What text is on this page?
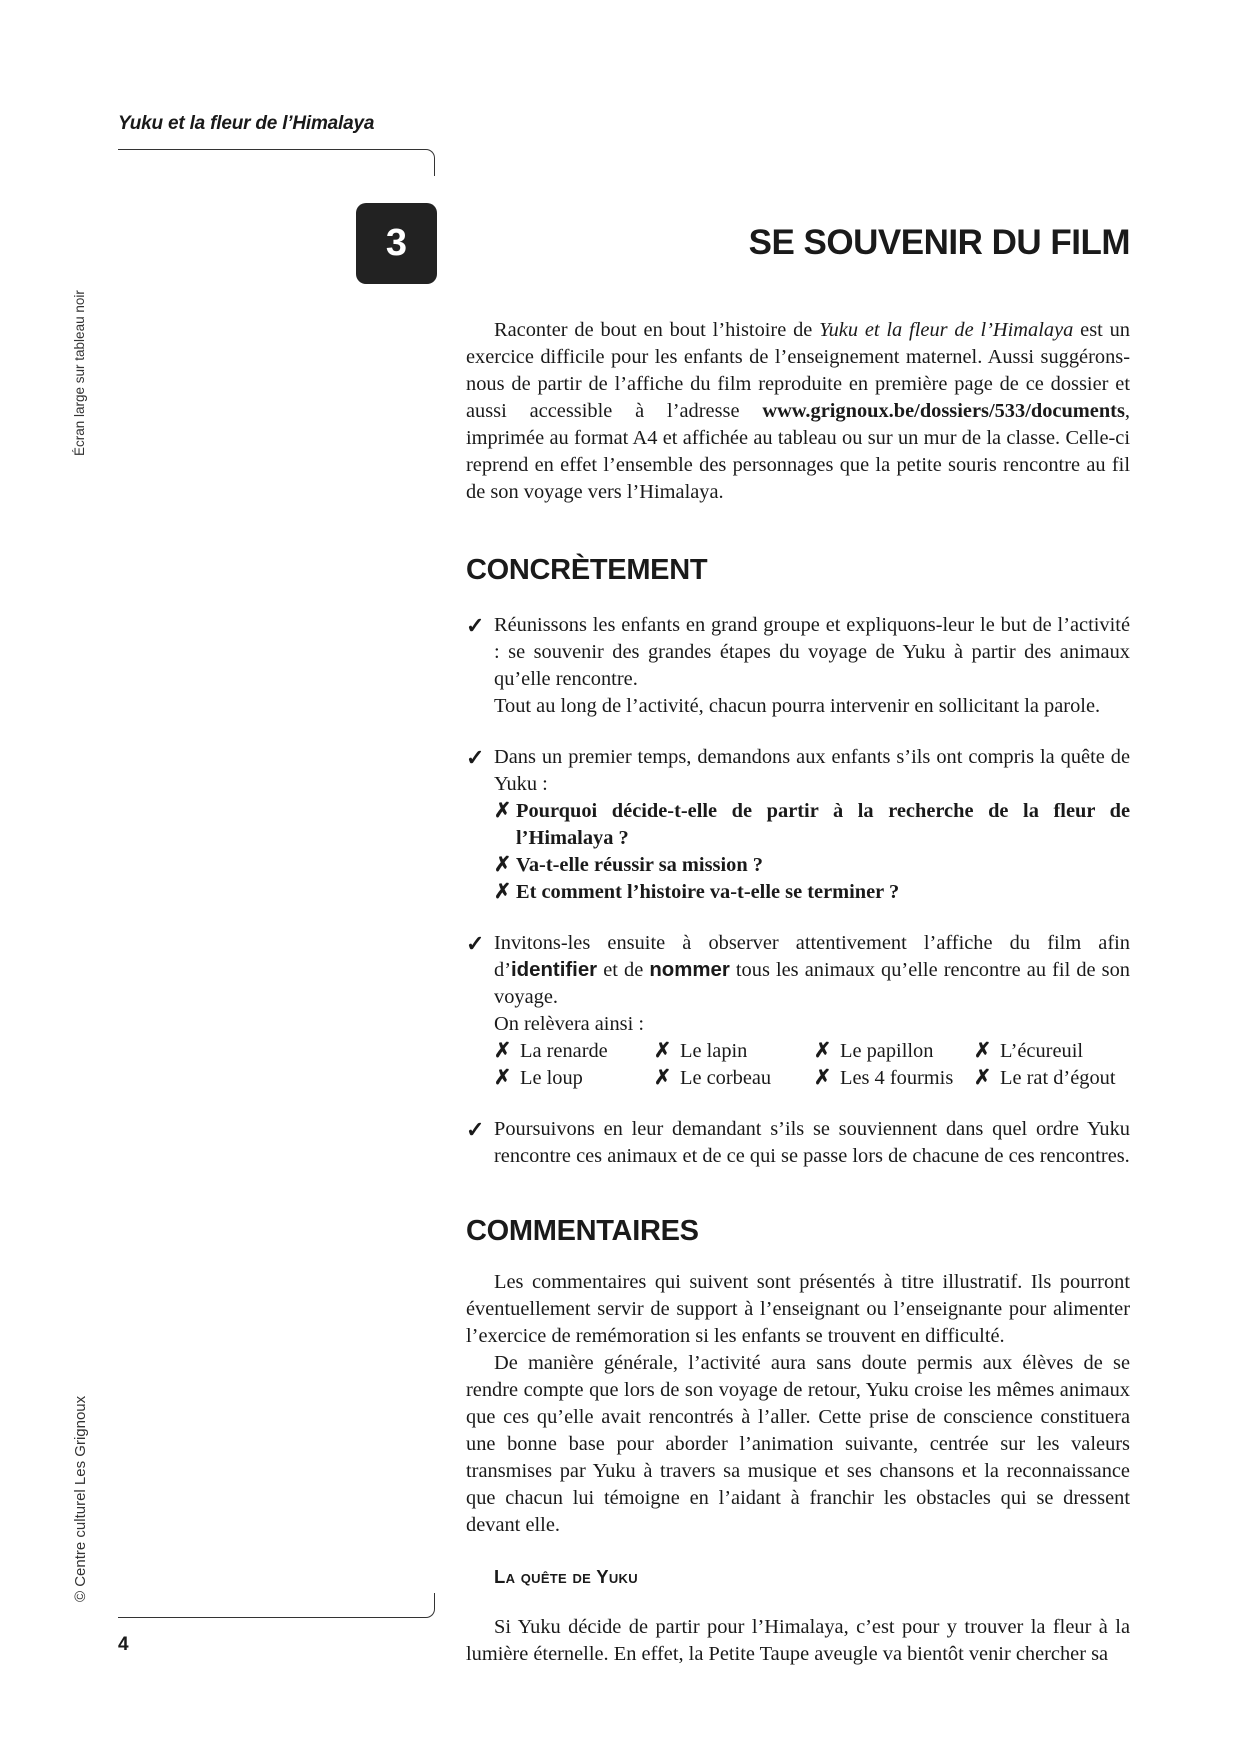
Yuku et la fleur de l’Himalaya
Écran large sur tableau noir
© Centre culturel Les Grignoux
3	SE SOUVENIR DU FILM

Raconter de bout en bout l’histoire de Yuku et la fleur de l’Himalaya est un exercice difficile pour les enfants de l’enseignement maternel. Aussi suggérons-nous de partir de l’affiche du film reproduite en première page de ce dossier et aussi accessible à l’adresse www.grignoux.be/dossiers/533/documents, imprimée au format A4 et affichée au tableau ou sur un mur de la classe. Celle-ci reprend en effet l’ensemble des personnages que la petite souris rencontre au fil de son voyage vers l’Himalaya.

CONCRÈTEMENT
✓ Réunissons les enfants en grand groupe et expliquons-leur le but de l’activité : se souvenir des grandes étapes du voyage de Yuku à partir des animaux qu’elle rencontre.

Tout au long de l’activité, chacun pourra intervenir en sollicitant la parole.

✓ Dans un premier temps, demandons aux enfants s’ils ont compris la quête de Yuku :

✗ Pourquoi décide-t-elle de partir à la recherche de la fleur de l’Himalaya ?
✗ Va-t-elle réussir sa mission ?
✗ Et comment l’histoire va-t-elle se terminer ?
✓ Invitons-les ensuite à observer attentivement l’affiche du film afin d’identifier et de nommer tous les animaux qu’elle rencontre au fil de son voyage.

On relèvera ainsi :

✗ La renarde	✗ Le lapin	✗ Le papillon	✗ L’écureuil
✗ Le loup	✗ Le corbeau	✗ Les 4 fourmis	✗ Le rat d’égout
✓ Poursuivons en leur demandant s’ils se souviennent dans quel ordre Yuku rencontre ces animaux et de ce qui se passe lors de chacune de ces rencontres.

COMMENTAIRES

Les commentaires qui suivent sont présentés à titre illustratif. Ils pourront éventuellement servir de support à l’enseignant ou l’enseignante pour alimenter l’exercice de remémoration si les enfants se trouvent en difficulté.

De manière générale, l’activité aura sans doute permis aux élèves de se rendre compte que lors de son voyage de retour, Yuku croise les mêmes animaux que ces qu’elle avait rencontrés à l’aller. Cette prise de conscience constituera une bonne base pour aborder l’animation suivante, centrée sur les valeurs transmises par Yuku à travers sa musique et ses chansons et la reconnaissance que chacun lui témoigne en l’aidant à franchir les obstacles qui se dressent devant elle.

La quête de Yuku

Si Yuku décide de partir pour l’Himalaya, c’est pour y trouver la fleur à la lumière éternelle. En effet, la Petite Taupe aveugle va bientôt venir chercher sa

4
